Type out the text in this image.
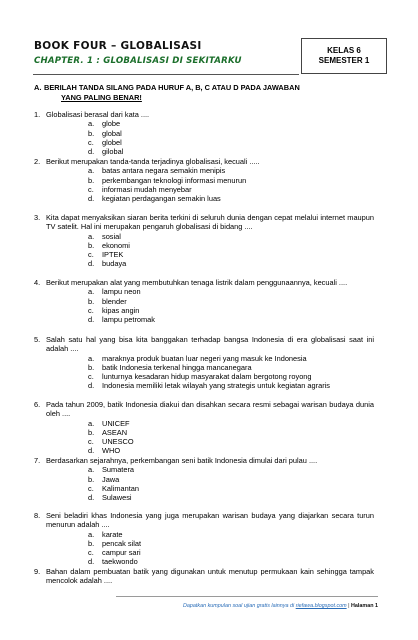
BOOK FOUR – GLOBALISASI
CHAPTER. 1 : GLOBALISASI DI SEKITARKU
KELAS 6
SEMESTER 1
A. BERILAH TANDA SILANG PADA HURUF A, B, C ATAU D PADA JAWABAN
YANG PALING BENAR!
1. Globalisasi berasal dari kata ....
a. globe
b. global
c. globel
d. gilobal
2. Berikut merupakan tanda-tanda terjadinya globalisasi, kecuali .....
a. batas antara negara semakin menipis
b. perkembangan teknologi informasi menurun
c. informasi mudah menyebar
d. kegiatan perdagangan semakin luas
3. Kita dapat menyaksikan siaran berita terkini di seluruh dunia dengan cepat melalui internet maupun TV satelit. Hal ini merupakan pengaruh globalisasi di bidang ....
a. sosial
b. ekonomi
c. IPTEK
d. budaya
4. Berikut merupakan alat yang membutuhkan tenaga listrik dalam penggunaannya, kecuali ....
a. lampu neon
b. blender
c. kipas angin
d. lampu petromak
5. Salah satu hal yang bisa kita banggakan terhadap bangsa Indonesia di era globalisasi saat ini adalah ....
a. maraknya produk buatan luar negeri yang masuk ke Indonesia
b. batik Indonesia terkenal hingga mancanegara
c. lunturnya kesadaran hidup masyarakat dalam bergotong royong
d. Indonesia memiliki letak wilayah yang strategis untuk kegiatan agraris
6. Pada tahun 2009, batik Indonesia diakui dan disahkan secara resmi sebagai warisan budaya dunia oleh ....
a. UNICEF
b. ASEAN
c. UNESCO
d. WHO
7. Berdasarkan sejarahnya, perkembangan seni batik Indonesia dimulai dari pulau ....
a. Sumatera
b. Jawa
c. Kalimantan
d. Sulawesi
8. Seni beladiri khas Indonesia yang juga merupakan warisan budaya yang diajarkan secara turun menurun adalah ....
a. karate
b. pencak silat
c. campur sari
d. taekwondo
9. Bahan dalam pembuatan batik yang digunakan untuk menutup permukaan kain sehingga tampak mencolok adalah ....
Dapatkan kumpulan soal ujian gratis lainnya di riefawa.blogspot.com | Halaman 1
